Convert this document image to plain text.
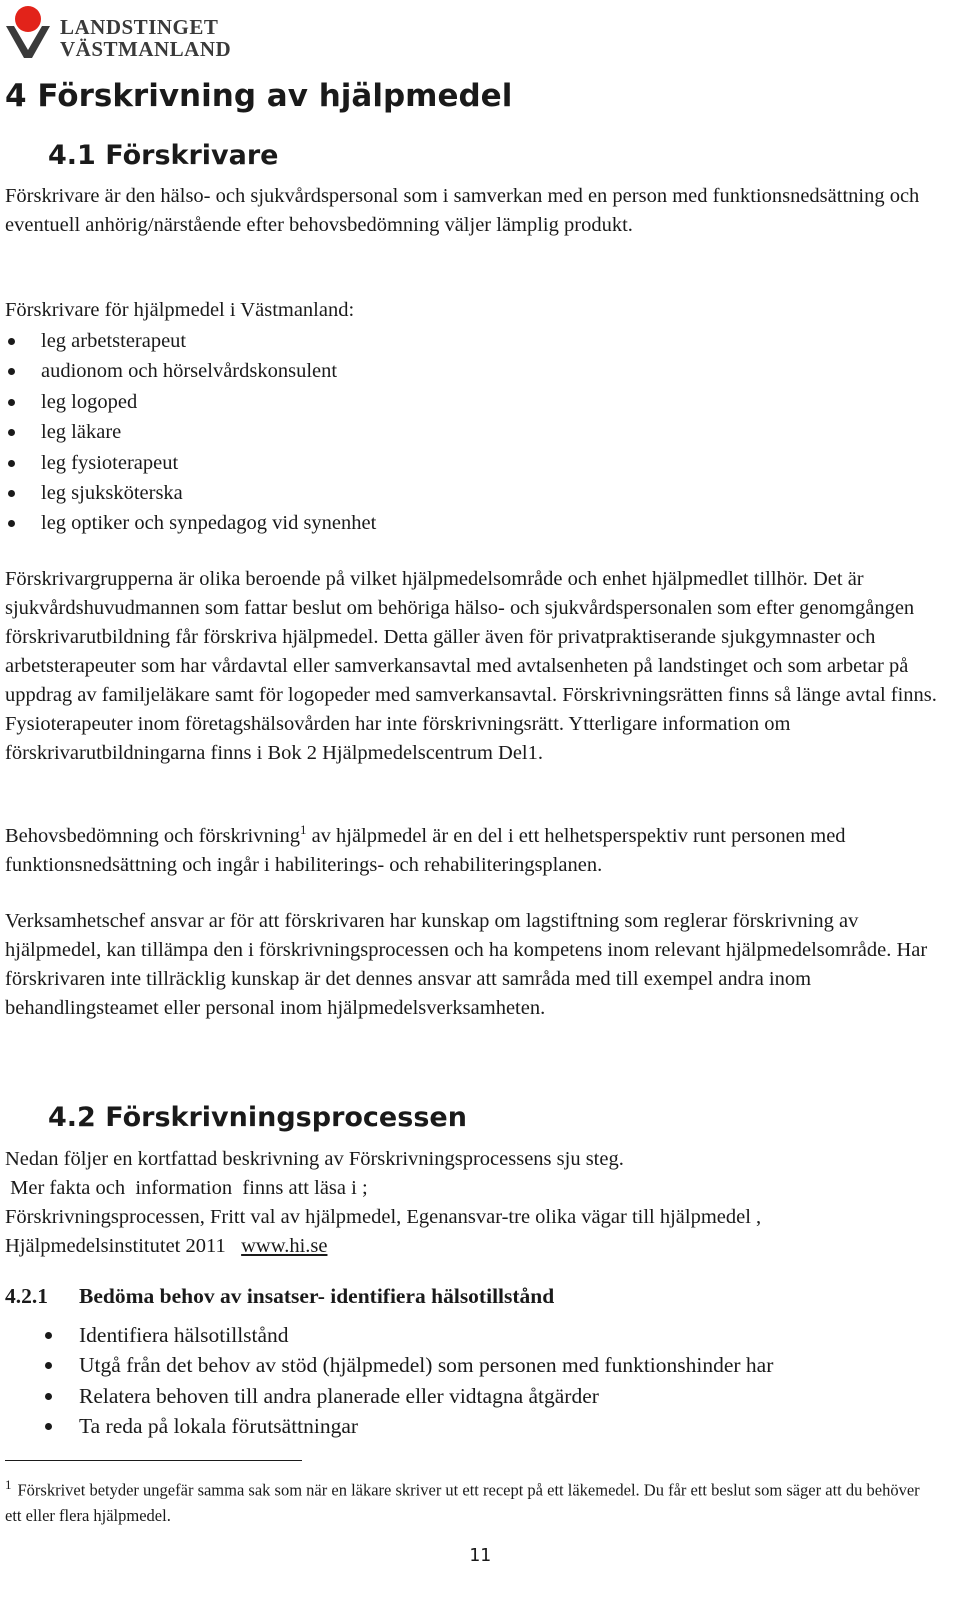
LANDSTINGET
VÄSTMANLAND
4 Förskrivning av hjälpmedel
4.1 Förskrivare

Förskrivare är den hälso- och sjukvårdspersonal som i samverkan med en person med funktionsnedsättning och eventuell anhörig/närstående efter behovsbedömning väljer lämplig produkt.

Förskrivare för hjälpmedel i Västmanland:

leg arbetsterapeut
audionom och hörselvårdskonsulent
leg logoped
leg läkare
leg fysioterapeut
leg sjuksköterska
leg optiker och synpedagog vid synenhet

Förskrivargrupperna är olika beroende på vilket hjälpmedelsområde och enhet hjälpmedlet tillhör. Det är sjukvårdshuvudmannen som fattar beslut om behöriga hälso- och sjukvårdspersonalen som efter genomgången förskrivarutbildning får förskriva hjälpmedel. Detta gäller även för privatpraktiserande sjukgymnaster och arbetsterapeuter som har vårdavtal eller samverkansavtal med avtalsenheten på landstinget och som arbetar på uppdrag av familjeläkare samt för logopeder med samverkansavtal. Förskrivningsrätten finns så länge avtal finns. Fysioterapeuter inom företagshälsovården har inte förskrivningsrätt. Ytterligare information om förskrivarutbildningarna finns i Bok 2 Hjälpmedelscentrum Del1.

Behovsbedömning och förskrivning$^1$ av hjälpmedel är en del i ett helhetsperspektiv runt personen med funktionsnedsättning och ingår i habiliterings- och rehabiliteringsplanen.

Verksamhetschef ansvar ar för att förskrivaren har kunskap om lagstiftning som reglerar förskrivning av hjälpmedel, kan tillämpa den i förskrivningsprocessen och ha kompetens inom relevant hjälpmedelsområde. Har förskrivaren inte tillräcklig kunskap är det dennes ansvar att samråda med till exempel andra inom behandlingsteamet eller personal inom hjälpmedelsverksamheten.

4.2 Förskrivningsprocessen
Nedan följer en kortfattad beskrivning av Förskrivningsprocessens sju steg.
Mer fakta och  information  finns att läsa i ;
Förskrivningsprocessen, Fritt val av hjälpmedel, Egenansvar-tre olika vägar till hjälpmedel ,
Hjälpmedelsinstitutet 2011   www.hi.se
4.2.1 Bedöma behov av insatser- identifiera hälsotillstånd
Identifiera hälsotillstånd
Utgå från det behov av stöd (hjälpmedel) som personen med funktionshinder har
Relatera behoven till andra planerade eller vidtagna åtgärder
Ta reda på lokala förutsättningar

$^1$ Förskrivet betyder ungefär samma sak som när en läkare skriver ut ett recept på ett läkemedel. Du får ett beslut som säger att du behöver ett eller flera hjälpmedel.

11
